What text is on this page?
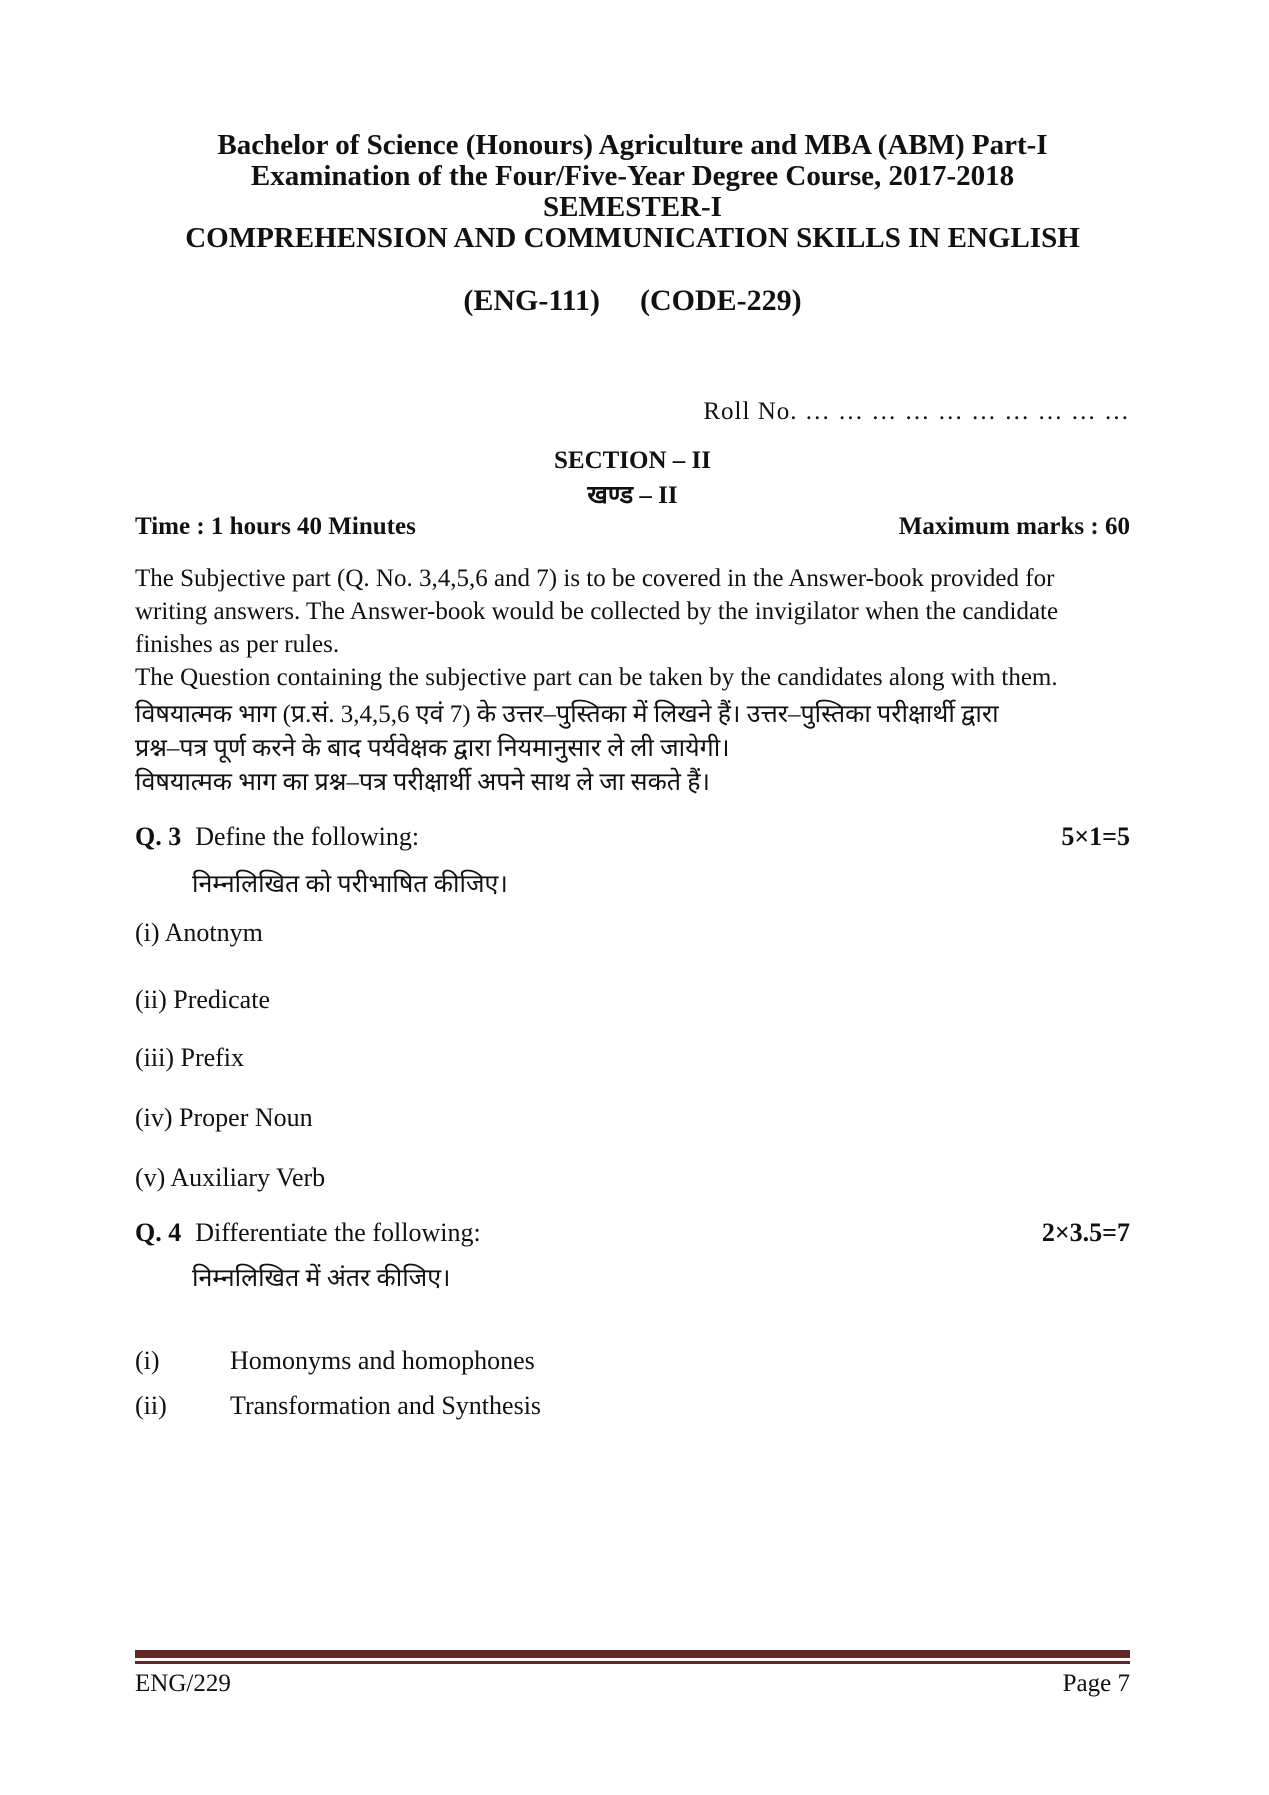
Bachelor of Science (Honours) Agriculture and MBA (ABM) Part-I
Examination of the Four/Five-Year Degree Course, 2017-2018
SEMESTER-I
COMPREHENSION AND COMMUNICATION SKILLS IN ENGLISH
(ENG-111) (CODE-229)
Roll No. … … … … … … … … … …
SECTION – II
खण्ड – II
Time : 1 hours 40 Minutes	Maximum marks : 60
The Subjective part (Q. No. 3,4,5,6 and 7) is to be covered in the Answer-book provided for
writing answers. The Answer-book would be collected by the invigilator when the candidate
finishes as per rules.
The Question containing the subjective part can be taken by the candidates along with them.
विषयात्मक भाग (प्र.सं. 3,4,5,6 एवं 7) के उत्तर–पुस्तिका में लिखने हैं। उत्तर–पुस्तिका परीक्षार्थी द्वारा
प्रश्न–पत्र पूर्ण करने के बाद पर्यवेक्षक द्वारा नियमानुसार ले ली जायेगी।
विषयात्मक भाग का प्रश्न–पत्र परीक्षार्थी अपने साथ ले जा सकते हैं।
Q. 3 Define the following:	5×1=5
निम्नलिखित को परीभाषित कीजिए।
(i) Anotnym
(ii) Predicate
(iii) Prefix
(iv) Proper Noun
(v) Auxiliary Verb
Q. 4 Differentiate the following:	2×3.5=7
निम्नलिखित में अंतर कीजिए।
(i)	Homonyms and homophones
(ii)	Transformation and Synthesis
ENG/229	Page 7
